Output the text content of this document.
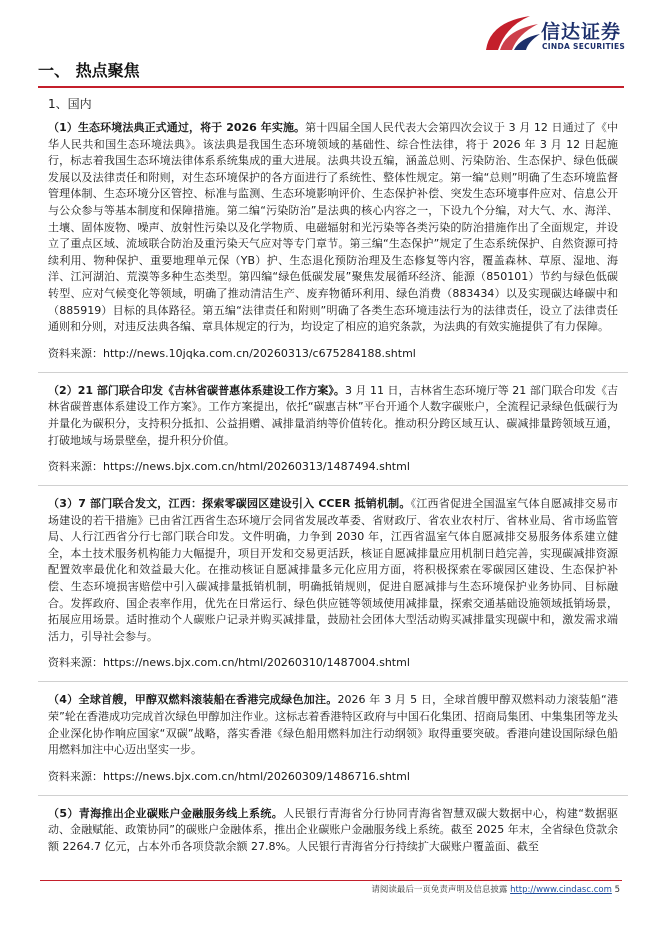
信达证券
CINDA SECURITIES
一、 热点聚焦
1、国内
（1）生态环境法典正式通过，将于 2026 年实施。第十四届全国人民代表大会第四次会议于 3 月 12 日通过了《中华人民共和国生态环境法典》。该法典是我国生态环境领域的基础性、综合性法律，将于 2026 年 3 月 12 日起施行，标志着我国生态环境法律体系系统集成的重大进展。法典共设五编，涵盖总则、污染防治、生态保护、绿色低碳发展以及法律责任和附则，对生态环境保护的各方面进行了系统性、整体性规定。第一编“总则”明确了生态环境监督管理体制、生态环境分区管控、标准与监测、生态环境影响评价、生态保护补偿、突发生态环境事件应对、信息公开与公众参与等基本制度和保障措施。第二编“污染防治”是法典的核心内容之一，下设九个分编，对大气、水、海洋、土壤、固体废物、噪声、放射性污染以及化学物质、电磁辐射和光污染等各类污染的防治措施作出了全面规定，并设立了重点区域、流域联合防治及重污染天气应对等专门章节。第三编“生态保护”规定了生态系统保护、自然资源可持续利用、物种保护、重要地理单元保（YB）护、生态退化预防治理及生态修复等内容，覆盖森林、草原、湿地、海洋、江河湖泊、荒漠等多种生态类型。第四编“绿色低碳发展”聚焦发展循环经济、能源（850101）节约与绿色低碳转型、应对气候变化等领域，明确了推动清洁生产、废弃物循环利用、绿色消费（883434）以及实现碳达峰碳中和（885919）目标的具体路径。第五编“法律责任和附则”明确了各类生态环境违法行为的法律责任，设立了法律责任通则和分则，对违反法典各编、章具体规定的行为，均设定了相应的追究条款，为法典的有效实施提供了有力保障。
资料来源：http://news.10jqka.com.cn/20260313/c675284188.shtml
（2）21 部门联合印发《吉林省碳普惠体系建设工作方案》。3 月 11 日，吉林省生态环境厅等 21 部门联合印发《吉林省碳普惠体系建设工作方案》。工作方案提出，依托“碳惠吉林”平台开通个人数字碳账户，全流程记录绿色低碳行为并量化为碳积分，支持积分抵扣、公益捐赠、减排量消纳等价值转化。推动积分跨区域互认、碳减排量跨领域互通，打破地域与场景壁垒，提升积分价值。
资料来源：https://news.bjx.com.cn/html/20260313/1487494.shtml
（3）7 部门联合发文，江西：探索零碳园区建设引入 CCER 抵销机制。《江西省促进全国温室气体自愿减排交易市场建设的若干措施》已由省江西省生态环境厅会同省发展改革委、省财政厅、省农业农村厅、省林业局、省市场监管局、人行江西省分行七部门联合印发。文件明确，力争到 2030 年，江西省温室气体自愿减排交易服务体系建立健全，本土技术服务机构能力大幅提升，项目开发和交易更活跃，核证自愿减排量应用机制日趋完善，实现碳减排资源配置效率最优化和效益最大化。在推动核证自愿减排量多元化应用方面，将积极探索在零碳园区建设、生态保护补偿、生态环境损害赔偿中引入碳减排量抵销机制，明确抵销规则，促进自愿减排与生态环境保护业务协同、目标融合。发挥政府、国企表率作用，优先在日常运行、绿色供应链等领域使用减排量，探索交通基础设施领域抵销场景，拓展应用场景。适时推动个人碳账户记录并购买减排量，鼓励社会团体大型活动购买减排量实现碳中和，激发需求端活力，引导社会参与。
资料来源：https://news.bjx.com.cn/html/20260310/1487004.shtml
（4）全球首艘，甲醇双燃料滚装船在香港完成绿色加注。2026 年 3 月 5 日，全球首艘甲醇双燃料动力滚装船“港荣”轮在香港成功完成首次绿色甲醇加注作业。这标志着香港特区政府与中国石化集团、招商局集团、中集集团等龙头企业深化协作响应国家“双碳”战略，落实香港《绿色船用燃料加注行动纲领》取得重要突破。香港向建设国际绿色船用燃料加注中心迈出坚实一步。
资料来源：https://news.bjx.com.cn/html/20260309/1486716.shtml
（5）青海推出企业碳账户金融服务线上系统。人民银行青海省分行协同青海省智慧双碳大数据中心，构建“数据驱动、金融赋能、政策协同”的碳账户金融体系，推出企业碳账户金融服务线上系统。截至 2025 年末，全省绿色贷款余额 2264.7 亿元，占本外币各项贷款余额 27.8%。人民银行青海省分行持续扩大碳账户覆盖面、截至
请阅读最后一页免责声明及信息披露 http://www.cindasc.com 5
